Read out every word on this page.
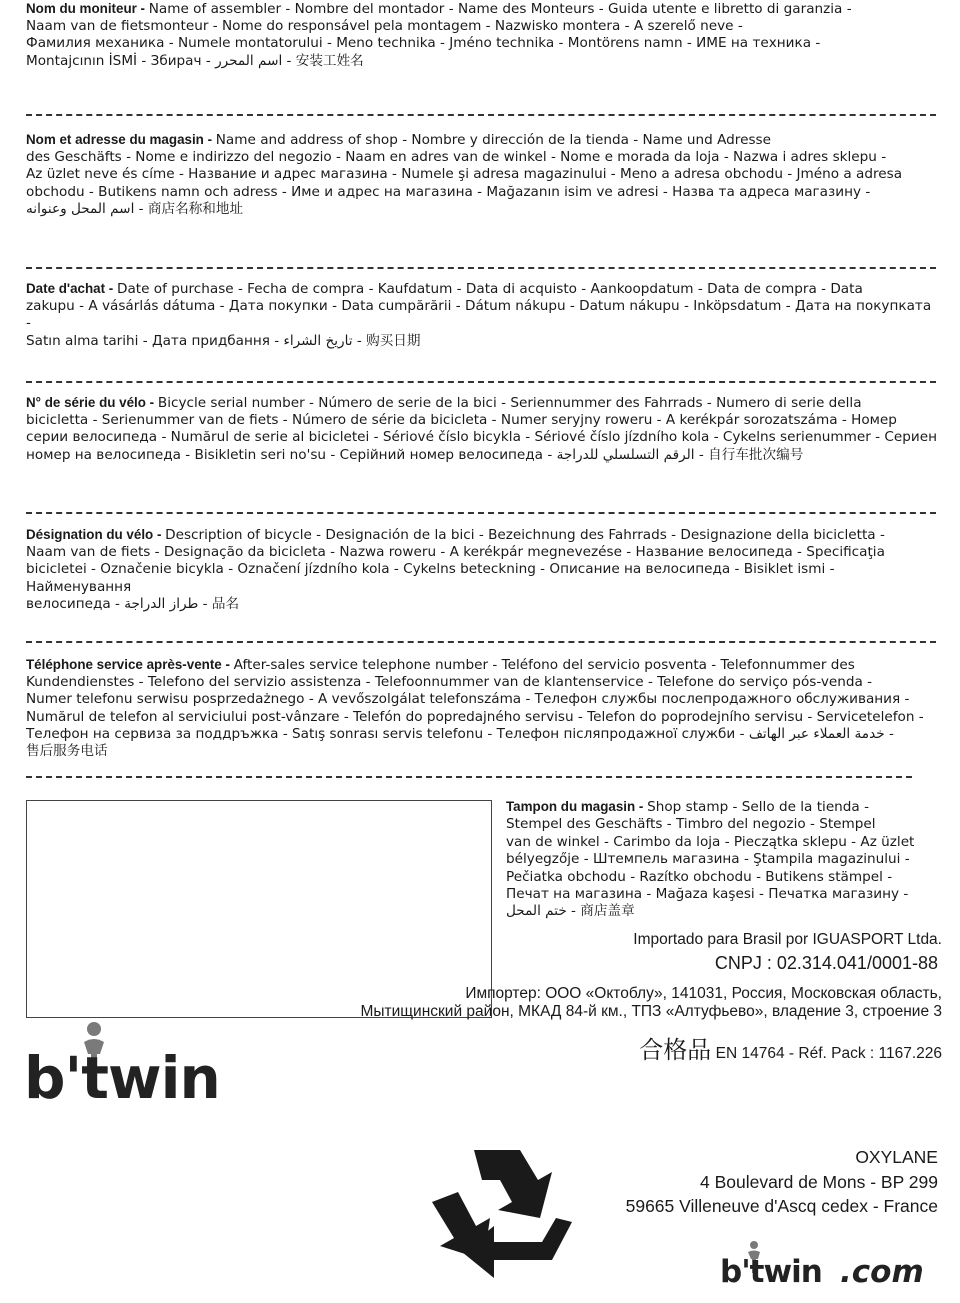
Nom du moniteur - Name of assembler - Nombre del montador - Name des Monteurs - Guida utente e libretto di garanzia -
Naam van de fietsmonteur - Nome do responsável pela montagem - Nazwisko montera - A szerelő neve -
Фамилия механика - Numele montatorului - Meno technika - Jméno technika - Montörens namn - ИМЕ на техника -
Montajcının İSMİ - Збирач - اسم المحرر - 安装工姓名
Nom et adresse du magasin - Name and address of shop - Nombre y dirección de la tienda - Name und Adresse
des Geschäfts - Nome e indirizzo del negozio - Naam en adres van de winkel - Nome e morada da loja - Nazwa i adres sklepu -
Az üzlet neve és címe - Название и адрес магазина - Numele şi adresa magazinului - Meno a adresa obchodu - Jméno a adresa
obchodu - Butikens namn och adress - Име и адрес на магазина - Mağazanın isim ve adresi - Назва та адреса магазину -
اسم المحل وعنوانه - 商店名称和地址
Date d'achat - Date of purchase - Fecha de compra - Kaufdatum - Data di acquisto - Aankoopdatum - Data de compra - Data
zakupu - A vásárlás dátuma - Дата покупки - Data cumpărării - Dátum nákupu - Datum nákupu - Inköpsdatum - Дата на покупката -
Satın alma tarihi - Дата придбання - تاريخ الشراء - 购买日期
N° de série du vélo - Bicycle serial number - Número de serie de la bici - Seriennummer des Fahrrads - Numero di serie della
bicicletta - Serienummer van de fiets - Número de série da bicicleta - Numer seryjny roweru - A kerékpár sorozatszáma - Номер
серии велосипеда - Numărul de serie al bicicletei - Sériové číslo bicykla - Sériové číslo jízdního kola - Cykelns serienummer - Сериен
номер на велосипеда - Bisikletin seri no'su - Серійний номер велосипеда - الرقم التسلسلي للدراجة - 自行车批次编号
Désignation du vélo - Description of bicycle - Designación de la bici - Bezeichnung des Fahrrads - Designazione della bicicletta -
Naam van de fiets - Designação da bicicleta - Nazwa roweru - A kerékpár megnevezése - Название велосипеда - Specificaţia
bicicletei - Označenie bicykla - Označení jízdního kola - Cykelns beteckning - Описание на велосипеда - Bisiklet ismi - Найменування
велосипеда - طراز الدراجة - 品名
Téléphone service après-vente - After-sales service telephone number - Teléfono del servicio posventa - Telefonnummer des
Kundendienstes - Telefono del servizio assistenza - Telefoonnummer van de klantenservice - Telefone do serviço pós-venda -
Numer telefonu serwisu posprzedażnego - A vevőszolgálat telefonszáma - Телефон службы послепродажного обслуживания -
Numărul de telefon al serviciului post-vânzare - Telefón do popredajného servisu - Telefon do poprodejního servisu - Servicetelefon -
Телефон на сервиза за поддръжка - Satış sonrası servis telefonu - Телефон післяпродажної служби - خدمة العملاء عبر الهاتف -
售后服务电话
Tampon du magasin - Shop stamp - Sello de la tienda -
Stempel des Geschäfts - Timbro del negozio - Stempel
van de winkel - Carimbo da loja - Pieczątka sklepu - Az üzlet
bélyegzője - Штемпель магазина - Ştampila magazinului -
Pečiatka obchodu - Razítko obchodu - Butikens stämpel -
Печат на магазина - Mağaza kaşesi - Печатка магазину -
ختم المحل - 商店盖章
Importado para Brasil por IGUASPORT Ltda.
CNPJ : 02.314.041/0001-88
Импортер: ООО «Октоблу», 141031, Россия, Московская область,
Мытищинский район, МКАД 84-й км., ТПЗ «Алтуфьево», владение 3, строение 3
合格品 EN 14764 - Réf. Pack : 1167.226
b'twin
OXYLANE
4 Boulevard de Mons - BP 299
59665 Villeneuve d'Ascq cedex - France
b'twin .com
